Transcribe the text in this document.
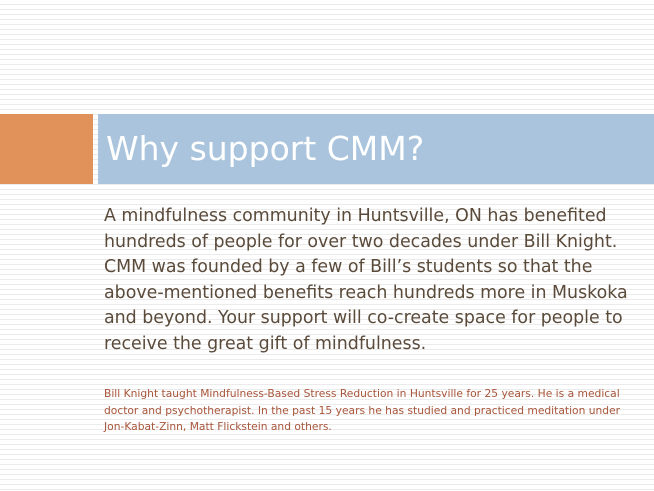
Why support CMM?

A mindfulness community in Huntsville, ON has benefited hundreds of people for over two decades under Bill Knight. CMM was founded by a few of Bill’s students so that the above-mentioned benefits reach hundreds more in Muskoka and beyond. Your support will co-create space for people to receive the great gift of mindfulness.

Bill Knight taught Mindfulness-Based Stress Reduction in Huntsville for 25 years. He is a medical doctor and psychotherapist. In the past 15 years he has studied and practiced meditation under Jon-Kabat-Zinn, Matt Flickstein and others.
